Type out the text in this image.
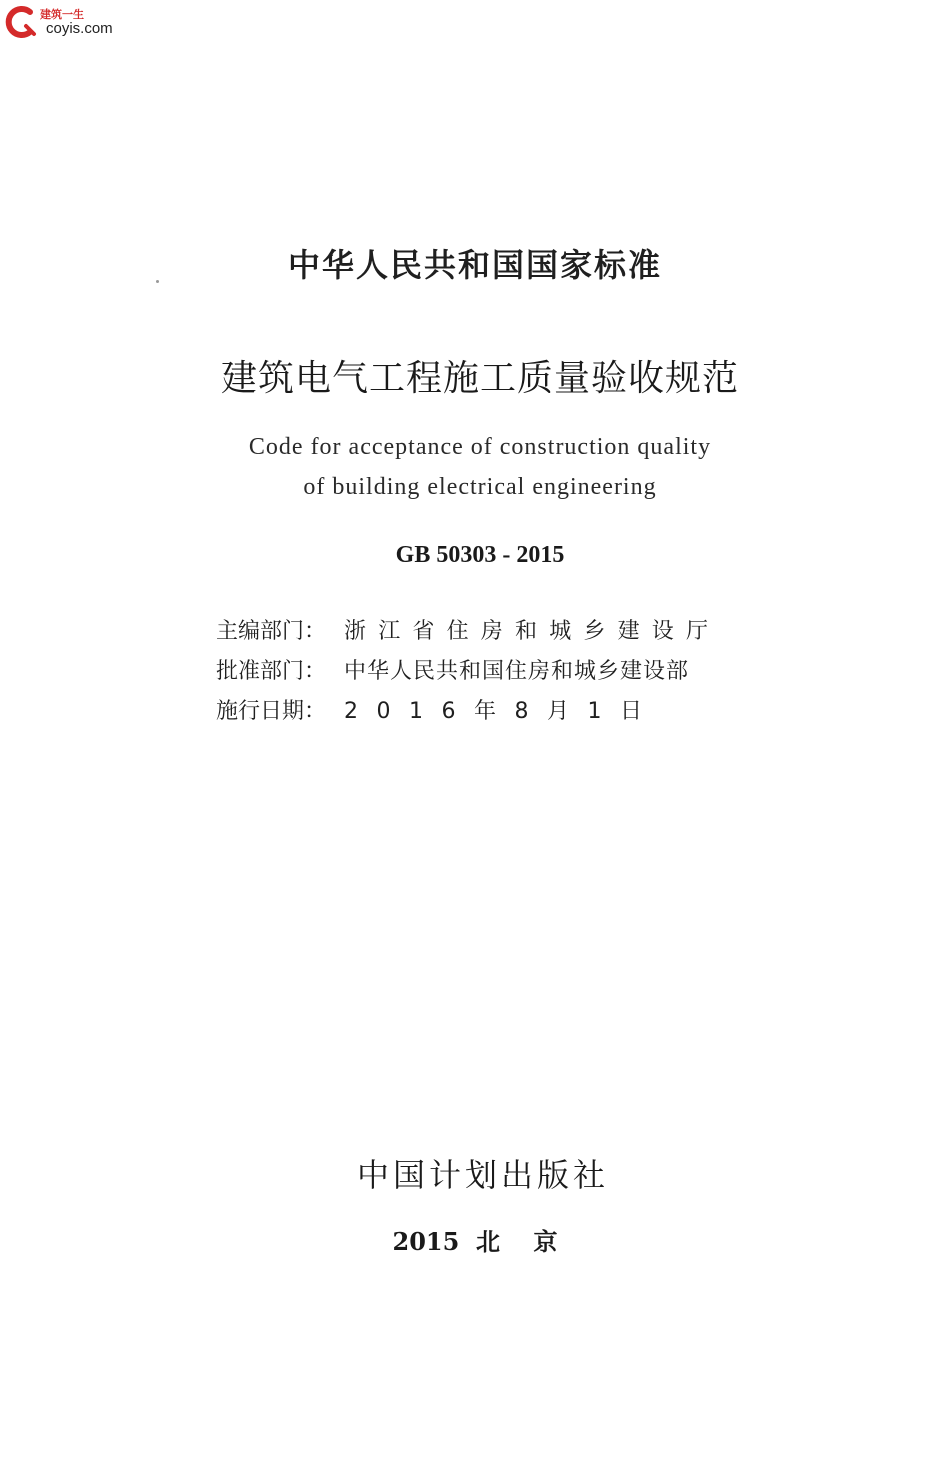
建筑一生
coyis.com
中华人民共和国国家标准
建筑电气工程施工质量验收规范
Code for acceptance of construction quality
of building electrical engineering
GB 50303 - 2015
主编部门： 浙江省住房和城乡建设厅
批准部门： 中华人民共和国住房和城乡建设部
施行日期： 2016年8月1日
中国计划出版社
2015  北    京
